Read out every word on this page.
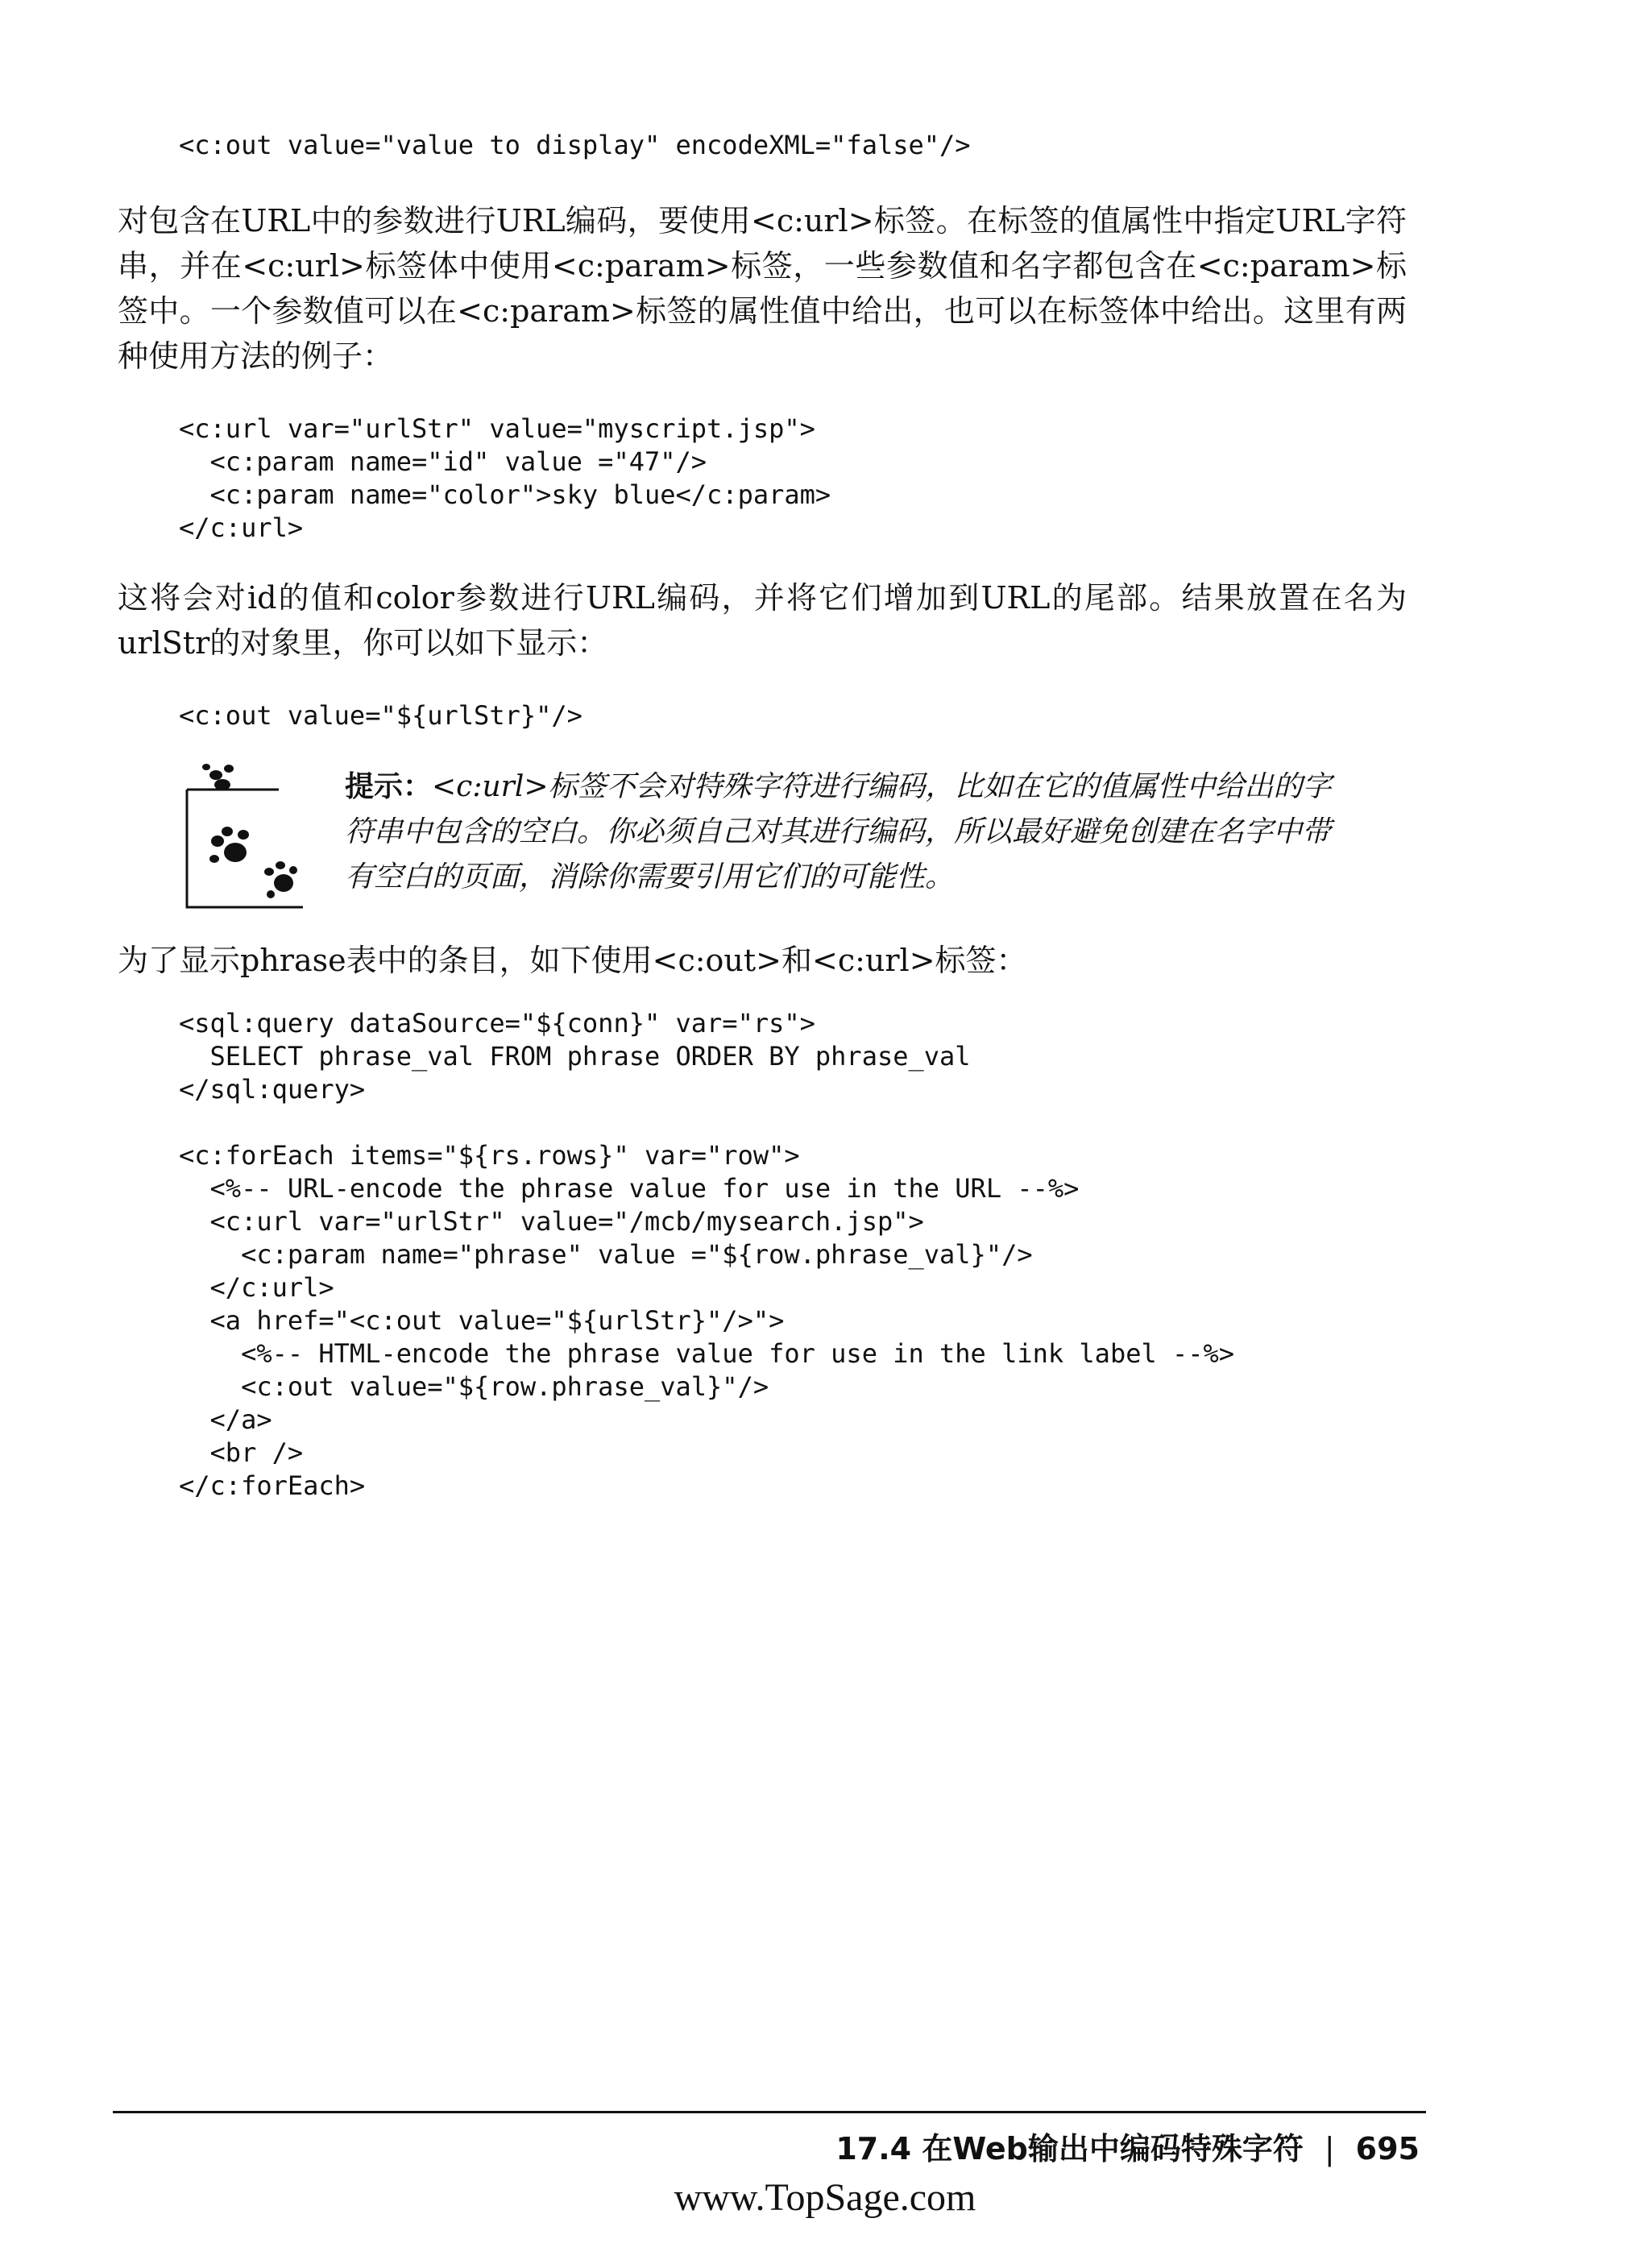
<c:out value="value to display" encodeXML="false"/>

对包含在URL中的参数进行URL编码，要使用<c:url>标签。在标签的值属性中指定URL字符串，并在<c:url>标签体中使用<c:param>标签，一些参数值和名字都包含在<c:param>标签中。一个参数值可以在<c:param>标签的属性值中给出，也可以在标签体中给出。这里有两种使用方法的例子：

<c:url var="urlStr" value="myscript.jsp">
<c:param name="id" value ="47"/>
<c:param name="color">sky blue</c:param>
</c:url>

这将会对id的值和color参数进行URL编码，并将它们增加到URL的尾部。结果放置在名为urlStr的对象里，你可以如下显示：

<c:out value="${urlStr}"/>

提示：<c:url>标签不会对特殊字符进行编码，比如在它的值属性中给出的字符串中包含的空白。你必须自己对其进行编码，所以最好避免创建在名字中带有空白的页面，消除你需要引用它们的可能性。

为了显示phrase表中的条目，如下使用<c:out>和<c:url>标签：

<sql:query dataSource="${conn}" var="rs">
SELECT phrase_val FROM phrase ORDER BY phrase_val
</sql:query>

<c:forEach items="${rs.rows}" var="row">
<%-- URL-encode the phrase value for use in the URL --%>
<c:url var="urlStr" value="/mcb/mysearch.jsp">
<c:param name="phrase" value ="${row.phrase_val}"/>
</c:url>
<a href="<c:out value="${urlStr}"/>">
<%-- HTML-encode the phrase value for use in the link label --%>
<c:out value="${row.phrase_val}"/>
</a>
<br />
</c:forEach>
17.4 在Web输出中编码特殊字符 | 695
www.TopSage.com
